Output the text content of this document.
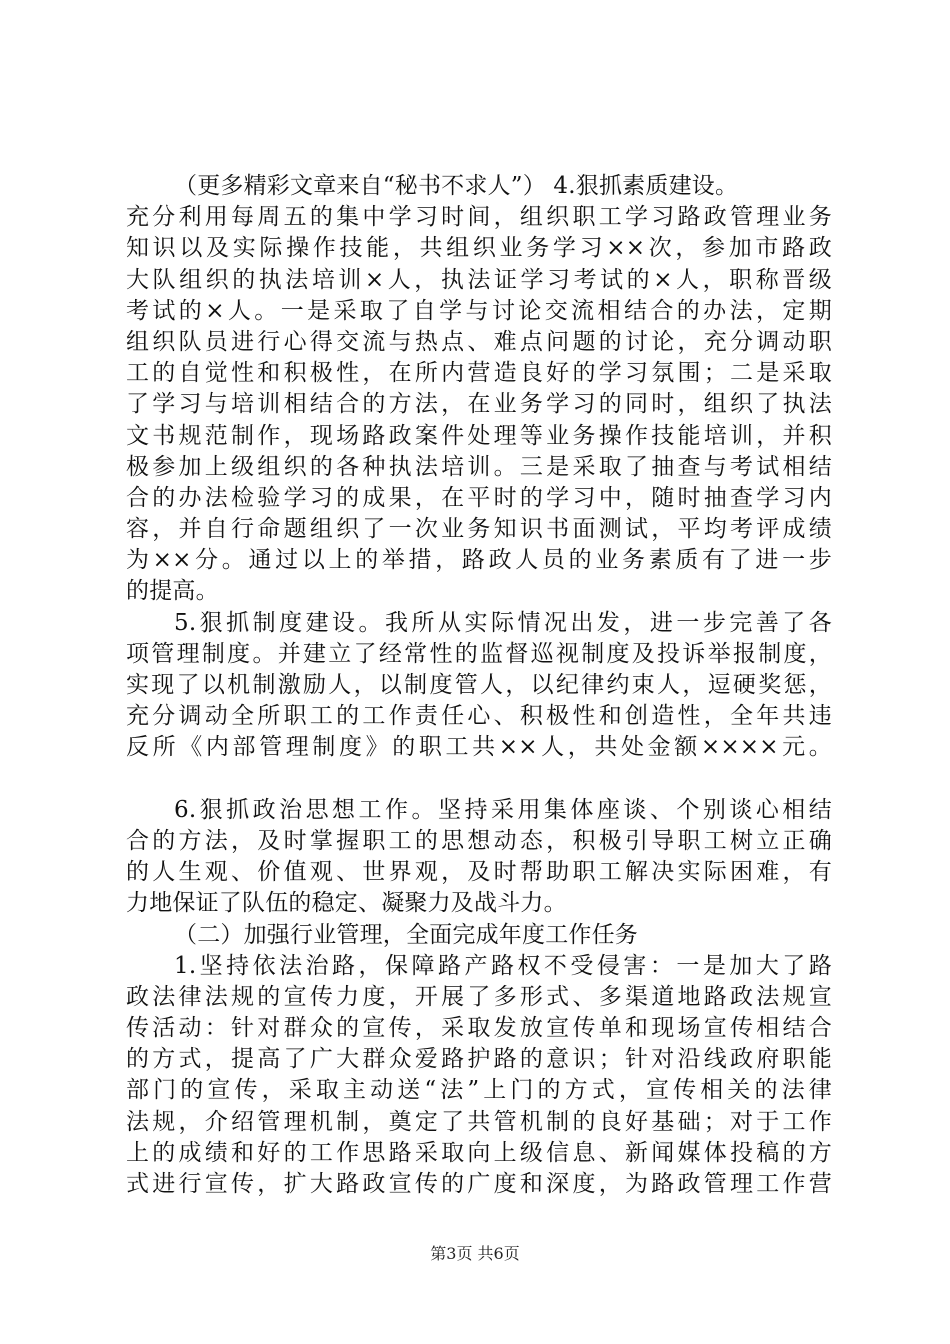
（更多精彩文章来自“秘书不求人”） 4.狠抓素质建设。
充分利用每周五的集中学习时间，组织职工学习路政管理业务
知识以及实际操作技能，共组织业务学习××次，参加市路政
大队组织的执法培训×人，执法证学习考试的×人，职称晋级
考试的×人。一是采取了自学与讨论交流相结合的办法，定期
组织队员进行心得交流与热点、难点问题的讨论，充分调动职
工的自觉性和积极性，在所内营造良好的学习氛围；二是采取
了学习与培训相结合的方法，在业务学习的同时，组织了执法
文书规范制作，现场路政案件处理等业务操作技能培训，并积
极参加上级组织的各种执法培训。三是采取了抽查与考试相结
合的办法检验学习的成果，在平时的学习中，随时抽查学习内
容，并自行命题组织了一次业务知识书面测试，平均考评成绩
为××分。通过以上的举措，路政人员的业务素质有了进一步
的提高。
5.狠抓制度建设。我所从实际情况出发，进一步完善了各
项管理制度。并建立了经常性的监督巡视制度及投诉举报制度，
实现了以机制激励人，以制度管人，以纪律约束人，逗硬奖惩，
充分调动全所职工的工作责任心、积极性和创造性，全年共违
反所《内部管理制度》的职工共××人，共处金额××××元。
6.狠抓政治思想工作。坚持采用集体座谈、个别谈心相结
合的方法，及时掌握职工的思想动态，积极引导职工树立正确
的人生观、价值观、世界观，及时帮助职工解决实际困难，有
力地保证了队伍的稳定、凝聚力及战斗力。
（二）加强行业管理，全面完成年度工作任务
1.坚持依法治路，保障路产路权不受侵害：一是加大了路
政法律法规的宣传力度，开展了多形式、多渠道地路政法规宣
传活动：针对群众的宣传，采取发放宣传单和现场宣传相结合
的方式，提高了广大群众爱路护路的意识；针对沿线政府职能
部门的宣传，采取主动送“法”上门的方式，宣传相关的法律
法规，介绍管理机制，奠定了共管机制的良好基础；对于工作
上的成绩和好的工作思路采取向上级信息、新闻媒体投稿的方
式进行宣传，扩大路政宣传的广度和深度，为路政管理工作营
第3页 共6页
